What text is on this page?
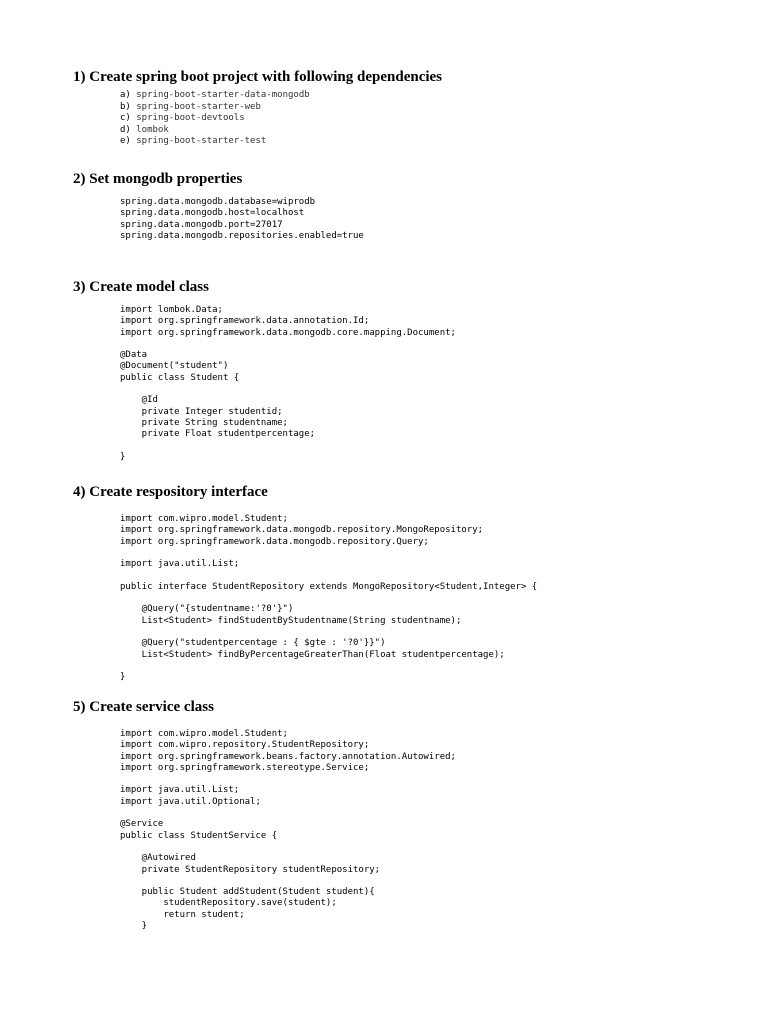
1) Create spring boot project with following dependencies
a) spring-boot-starter-data-mongodb
b) spring-boot-starter-web
c) spring-boot-devtools
d) lombok
e) spring-boot-starter-test
2) Set mongodb properties
spring.data.mongodb.database=wiprodb
spring.data.mongodb.host=localhost
spring.data.mongodb.port=27017
spring.data.mongodb.repositories.enabled=true
3) Create model class
import lombok.Data;
import org.springframework.data.annotation.Id;
import org.springframework.data.mongodb.core.mapping.Document;
@Data
@Document("student")
public class Student {
@Id
private Integer studentid;
private String studentname;
private Float studentpercentage;
}
4) Create respository interface
import com.wipro.model.Student;
import org.springframework.data.mongodb.repository.MongoRepository;
import org.springframework.data.mongodb.repository.Query;
import java.util.List;
public interface StudentRepository extends MongoRepository<Student,Integer> {
@Query("{studentname:'?0'}")
List<Student> findStudentByStudentname(String studentname);
@Query("studentpercentage : { $gte : '?0'}}")
List<Student> findByPercentageGreaterThan(Float studentpercentage);
}
5) Create service class
import com.wipro.model.Student;
import com.wipro.repository.StudentRepository;
import org.springframework.beans.factory.annotation.Autowired;
import org.springframework.stereotype.Service;
import java.util.List;
import java.util.Optional;
@Service
public class StudentService {
@Autowired
private StudentRepository studentRepository;
public Student addStudent(Student student){
studentRepository.save(student);
return student;
}
